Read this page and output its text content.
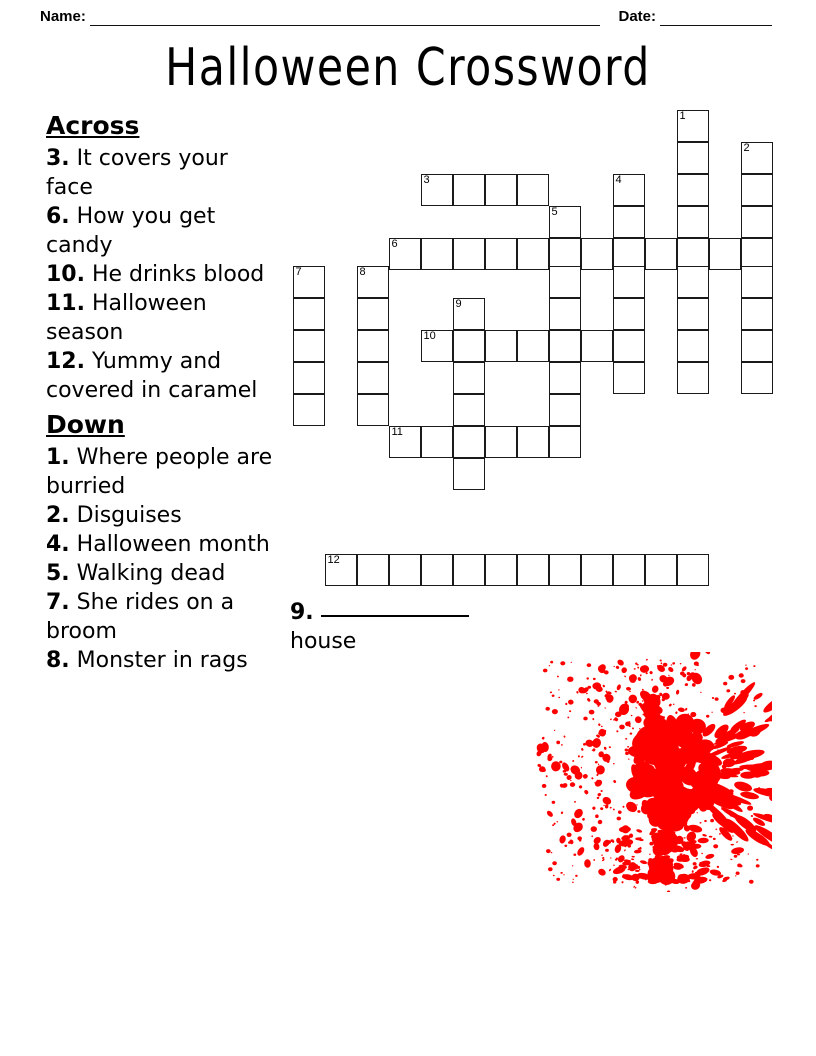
Name:	Date:
Halloween Crossword
Across
3. It covers your face
6. How you get candy
10. He drinks blood
11. Halloween season
12. Yummy and covered in caramel
Down
1. Where people are burried
2. Disguises
4. Halloween month
5. Walking dead
7. She rides on a broom
8. Monster in rags
1
2
3	4
5
6
7	8
9
10
11
12
9.  house
